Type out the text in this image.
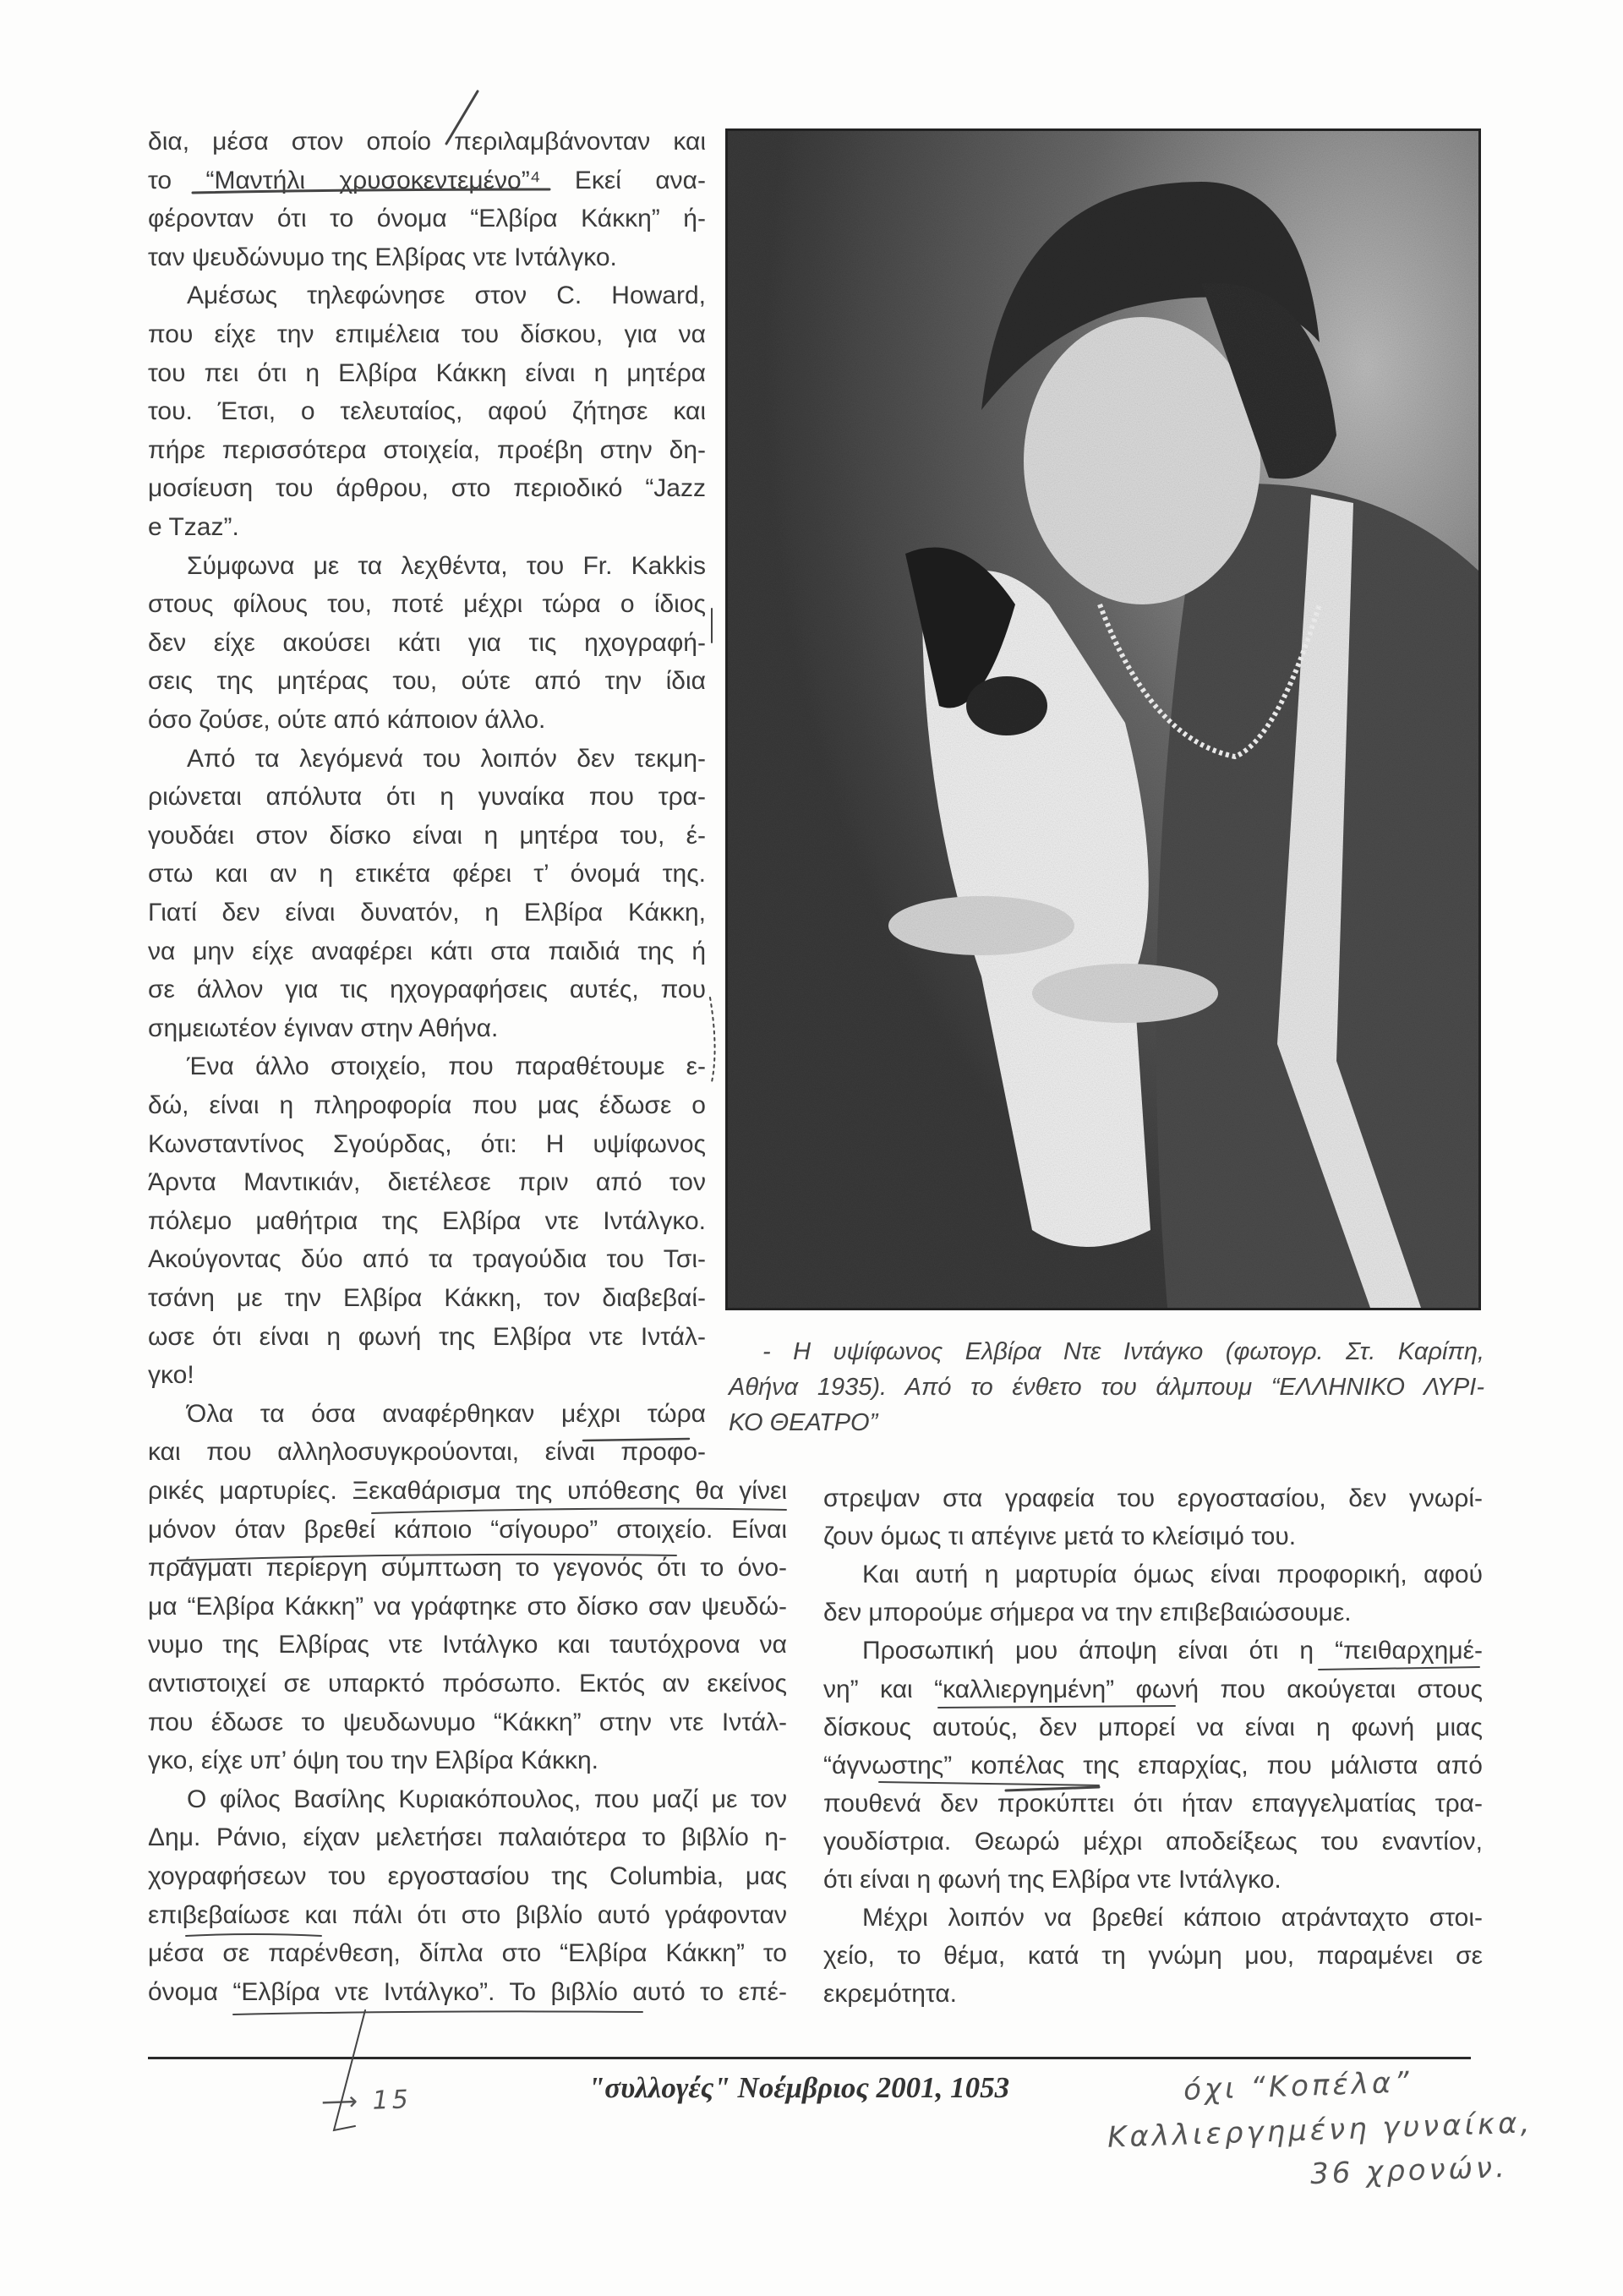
δια, μέσα στον οποίο περιλαμβάνονταν και
το “Μαντήλι χρυσοκεντεμένο”⁴ Εκεί ανα-
φέρονταν ότι το όνομα “Ελβίρα Κάκκη” ή-
ταν ψευδώνυμο της Ελβίρας ντε Ιντάλγκο.
Αμέσως τηλεφώνησε στον C. Howard,
που είχε την επιμέλεια του δίσκου, για να
του πει ότι η Ελβίρα Κάκκη είναι η μητέρα
του. Έτσι, ο τελευταίος, αφού ζήτησε και
πήρε περισσότερα στοιχεία, προέβη στην δη-
μοσίευση του άρθρου, στο περιοδικό “Jazz
e Tzaz”.
Σύμφωνα με τα λεχθέντα, του Fr. Kakkis
στους φίλους του, ποτέ μέχρι τώρα ο ίδιος
δεν είχε ακούσει κάτι για τις ηχογραφή-
σεις της μητέρας του, ούτε από την ίδια
όσο ζούσε, ούτε από κάποιον άλλο.
Από τα λεγόμενά του λοιπόν δεν τεκμη-
ριώνεται απόλυτα ότι η γυναίκα που τρα-
γουδάει στον δίσκο είναι η μητέρα του, έ-
στω και αν η ετικέτα φέρει τ’ όνομά της.
Γιατί δεν είναι δυνατόν, η Ελβίρα Κάκκη,
να μην είχε αναφέρει κάτι στα παιδιά της ή
σε άλλον για τις ηχογραφήσεις αυτές, που
σημειωτέον έγιναν στην Αθήνα.
Ένα άλλο στοιχείο, που παραθέτουμε ε-
δώ, είναι η πληροφορία που μας έδωσε ο
Κωνσταντίνος Σγούρδας, ότι: Η υψίφωνος
Άρντα Μαντικιάν, διετέλεσε πριν από τον
πόλεμο μαθήτρια της Ελβίρα ντε Ιντάλγκο.
Ακούγοντας δύο από τα τραγούδια του Τσι-
τσάνη με την Ελβίρα Κάκκη, τον διαβεβαί-
ωσε ότι είναι η φωνή της Ελβίρα ντε Ιντάλ-
γκο!
Όλα τα όσα αναφέρθηκαν μέχρι τώρα
και που αλληλοσυγκρούονται, είναι προφο-
ρικές μαρτυρίες. Ξεκαθάρισμα της υπόθεσης θα γίνει
μόνον όταν βρεθεί κάποιο “σίγουρο” στοιχείο. Είναι
πράγματι περίεργη σύμπτωση το γεγονός ότι το όνο-
μα “Ελβίρα Κάκκη” να γράφτηκε στο δίσκο σαν ψευδώ-
νυμο της Ελβίρας ντε Ιντάλγκο και ταυτόχρονα να
αντιστοιχεί σε υπαρκτό πρόσωπο. Εκτός αν εκείνος
που έδωσε το ψευδωνυμο “Κάκκη” στην ντε Ιντάλ-
γκο, είχε υπ’ όψη του την Ελβίρα Κάκκη.
Ο φίλος Βασίλης Κυριακόπουλος, που μαζί με τον
Δημ. Ράνιο, είχαν μελετήσει παλαιότερα το βιβλίο η-
χογραφήσεων του εργοστασίου της Columbia, μας
επιβεβαίωσε και πάλι ότι στο βιβλίο αυτό γράφονταν
μέσα σε παρένθεση, δίπλα στο “Ελβίρα Κάκκη” το
όνομα “Ελβίρα ντε Ιντάλγκο”. Το βιβλίο αυτό το επέ-
στρεψαν στα γραφεία του εργοστασίου, δεν γνωρί-
ζουν όμως τι απέγινε μετά το κλείσιμό του.
Και αυτή η μαρτυρία όμως είναι προφορική, αφού
δεν μπορούμε σήμερα να την επιβεβαιώσουμε.
Προσωπική μου άποψη είναι ότι η “πειθαρχημέ-
νη” και “καλλιεργημένη” φωνή που ακούγεται στους
δίσκους αυτούς, δεν μπορεί να είναι η φωνή μιας
“άγνωστης” κοπέλας της επαρχίας, που μάλιστα από
πουθενά δεν προκύπτει ότι ήταν επαγγελματίας τρα-
γουδίστρια. Θεωρώ μέχρι αποδείξεως του εναντίον,
ότι είναι η φωνή της Ελβίρα ντε Ιντάλγκο.
Μέχρι λοιπόν να βρεθεί κάποιο ατράνταχτο στοι-
χείο, το θέμα, κατά τη γνώμη μου, παραμένει σε
εκρεμότητα.
- Η υψίφωνος Ελβίρα Ντε Ιντάγκο (φωτογρ. Στ. Καρίπη,
Αθήνα 1935). Από το ένθετο του άλμπουμ “ΕΛΛΗΝΙΚΟ ΛΥΡΙ-
ΚΟ ΘΕΑΤΡΟ”
"συλλογές" Νοέμβριος 2001, 1053
⟶ 15	όχι “Κοπέλα”
Καλλιεργημένη γυναίκα,
36 χρονών.
